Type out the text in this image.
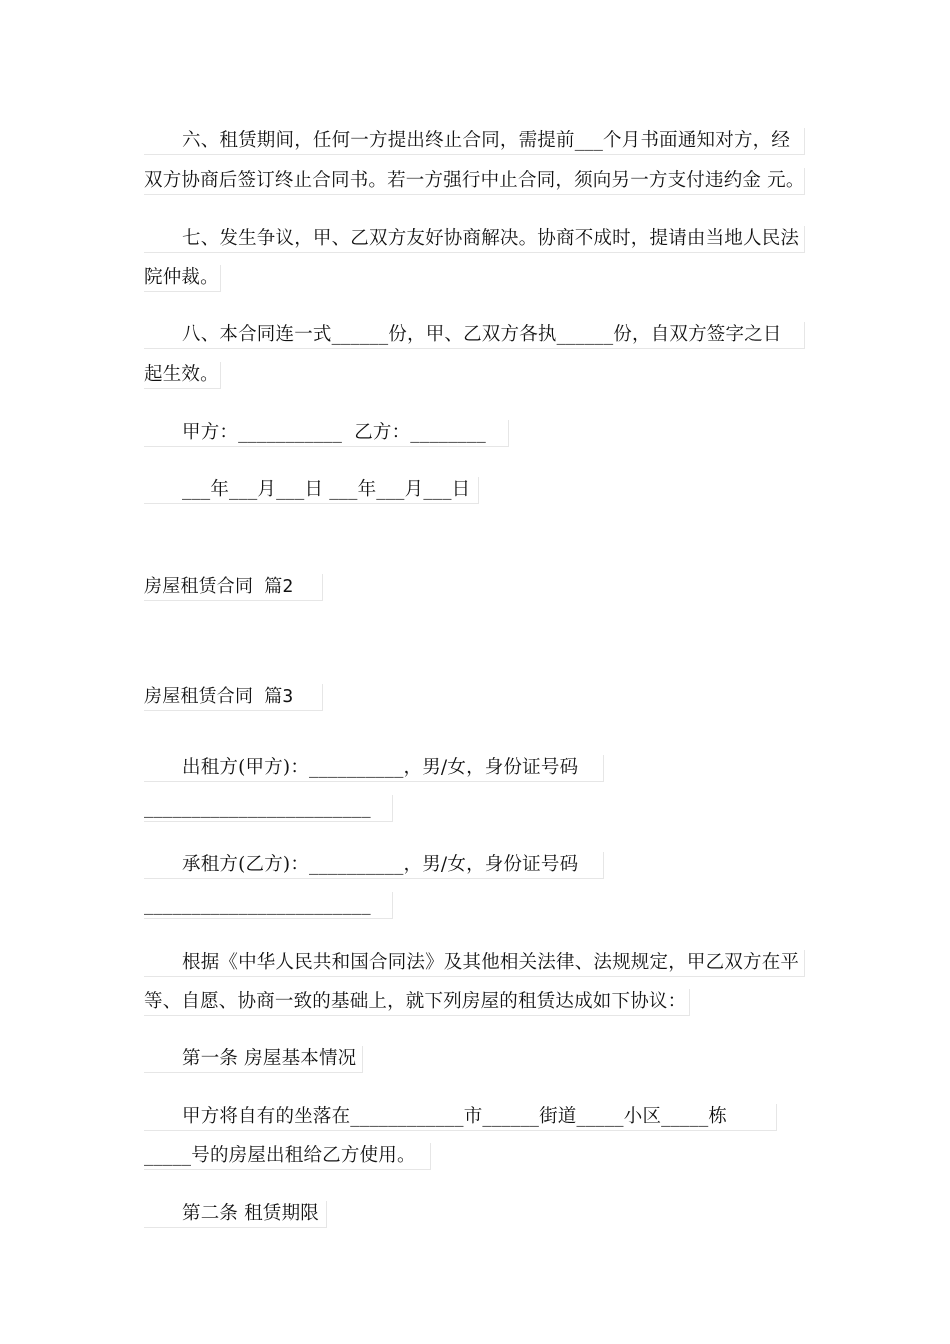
六、租赁期间，任何一方提出终止合同，需提前___个月书面通知对方，经
双方协商后签订终止合同书。若一方强行中止合同，须向另一方支付违约金 元。
七、发生争议，甲、乙双方友好协商解决。协商不成时，提请由当地人民法
院仲裁。
八、本合同连一式______份，甲、乙双方各执______份，自双方签字之日
起生效。
甲方：___________  乙方：________
___年___月___日 ___年___月___日
房屋租赁合同 篇2
房屋租赁合同 篇3
出租方(甲方)：__________，男/女，身份证号码
________________________
承租方(乙方)：__________，男/女，身份证号码
________________________
根据《中华人民共和国合同法》及其他相关法律、法规规定，甲乙双方在平
等、自愿、协商一致的基础上，就下列房屋的租赁达成如下协议：
第一条 房屋基本情况
甲方将自有的坐落在____________市______街道_____小区_____栋
_____号的房屋出租给乙方使用。
第二条 租赁期限
